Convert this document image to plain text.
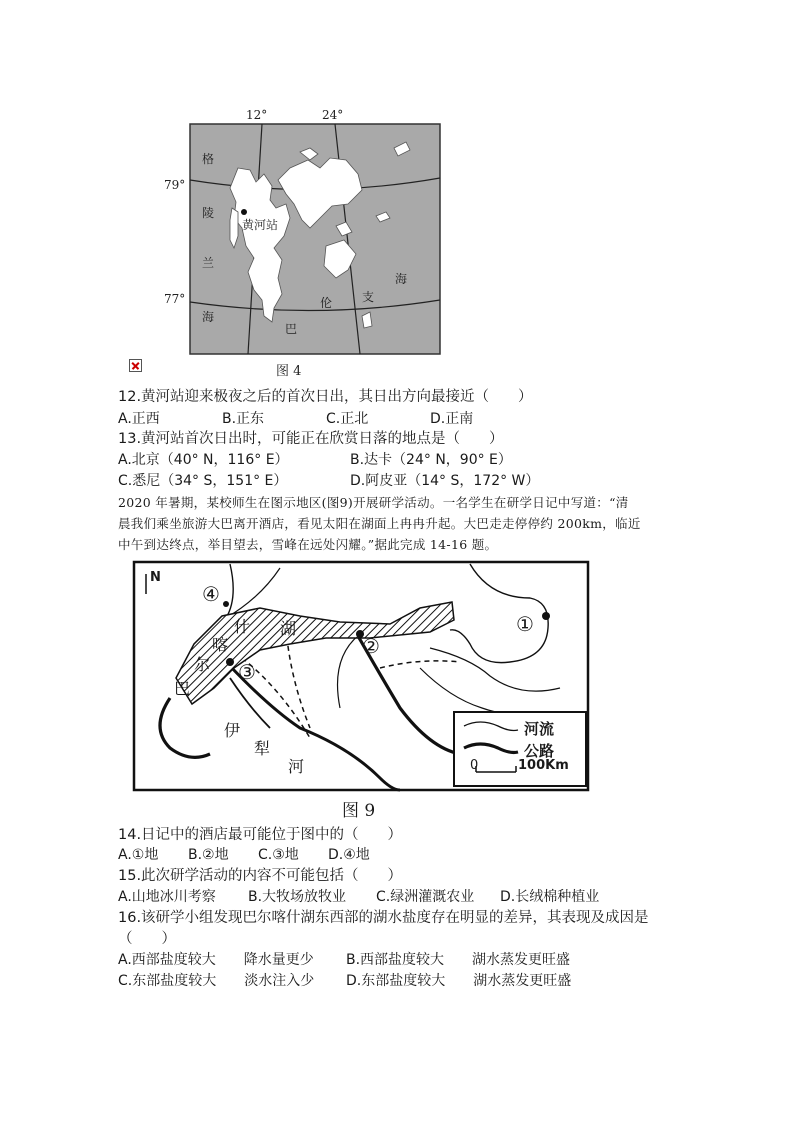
12°	24°
79°
77°
格
陵
兰
海
黄河站
巴
伦 支
海
图 4
12.黄河站迎来极夜之后的首次日出，其日出方向最接近（　　）
A.正西	B.正东	C.正北	D.正南
13.黄河站首次日出时，可能正在欣赏日落的地点是（　　）
A.北京（40° N，116° E）	B.达卡（24° N，90° E）
C.悉尼（34° S，151° E）	D.阿皮亚（14° S，172° W）
2020 年暑期，某校师生在图示地区(图9)开展研学活动。一名学生在研学日记中写道：“清
晨我们乘坐旅游大巴离开酒店，看见太阳在湖面上冉冉升起。大巴走走停停约 200km，临近
中午到达终点，举目望去，雪峰在远处闪耀。”据此完成 14-16 题。
N
①
②
③
④
巴
尔
喀
什 湖
伊
犁
河
河流
公路
0	100Km
图 9
14.日记中的酒店最可能位于图中的（　　）
A.①地 B.②地 C.③地 D.④地
15.此次研学活动的内容不可能包括（　　）
A.山地冰川考察 B.大牧场放牧业 C.绿洲灌溉农业 D.长绒棉种植业
16.该研学小组发现巴尔喀什湖东西部的湖水盐度存在明显的差异，其表现及成因是
（　　）
A.西部盐度较大　　降水量更少 B.西部盐度较大　　湖水蒸发更旺盛
C.东部盐度较大　　淡水注入少 D.东部盐度较大　　湖水蒸发更旺盛
